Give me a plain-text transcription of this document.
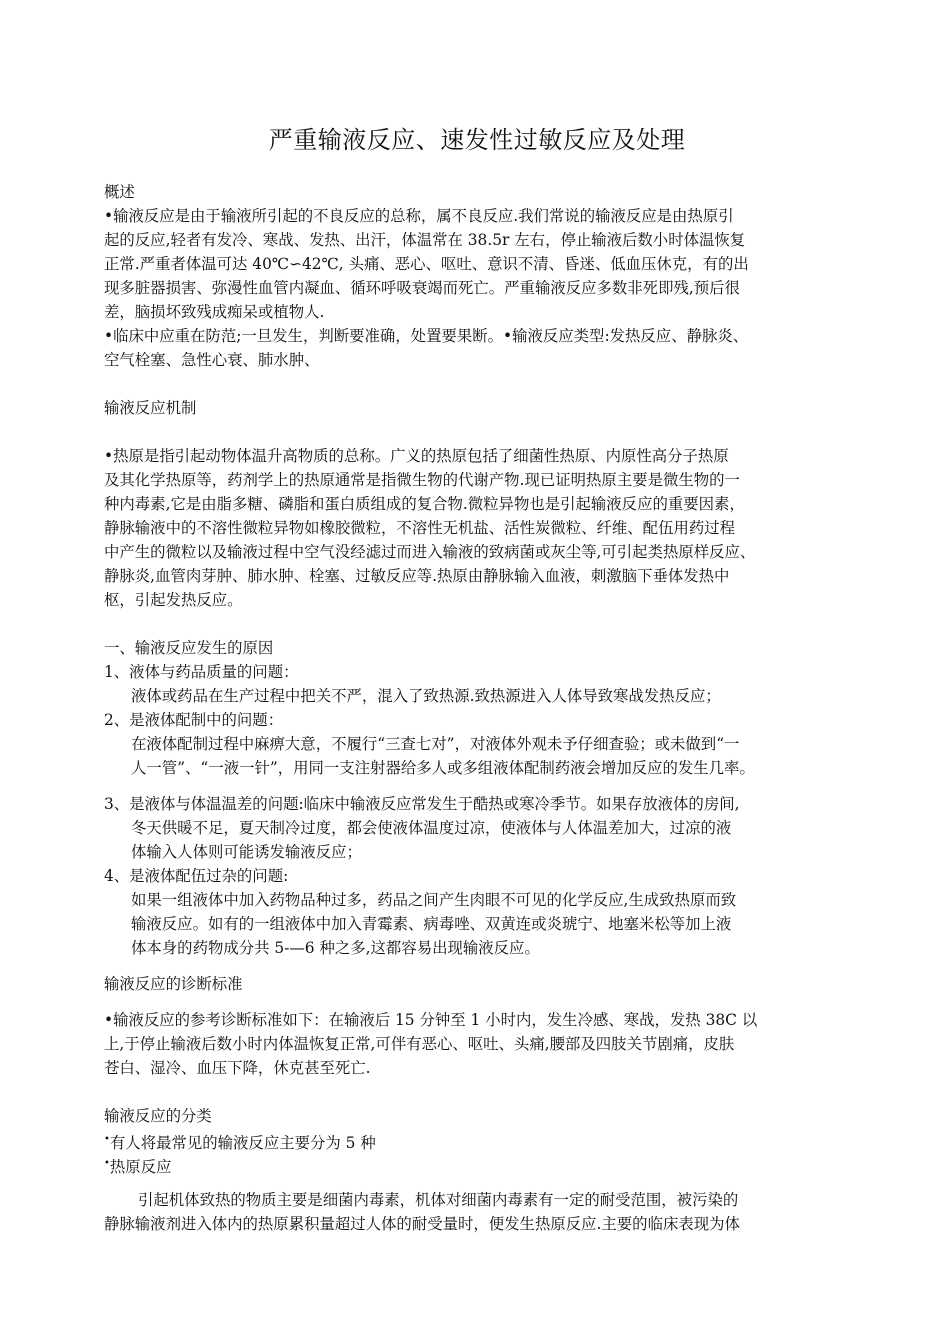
严重输液反应、速发性过敏反应及处理
概述
•输液反应是由于输液所引起的不良反应的总称，属不良反应.我们常说的输液反应是由热原引
起的反应,轻者有发冷、寒战、发热、出汗，体温常在 38.5r 左右，停止输液后数小时体温恢复
正常.严重者体温可达 40℃∽42℃, 头痛、恶心、呕吐、意识不清、昏迷、低血压休克，有的出
现多脏器损害、弥漫性血管内凝血、循环呼吸衰竭而死亡。严重输液反应多数非死即残,预后很
差，脑损坏致残成痴呆或植物人.
•临床中应重在防范;一旦发生，判断要准确，处置要果断。•输液反应类型:发热反应、静脉炎、
空气栓塞、急性心衰、肺水肿、
输液反应机制
•热原是指引起动物体温升高物质的总称。广义的热原包括了细菌性热原、内原性高分子热原
及其化学热原等，药剂学上的热原通常是指微生物的代谢产物.现已证明热原主要是微生物的一
种内毒素,它是由脂多糖、磷脂和蛋白质组成的复合物.微粒异物也是引起输液反应的重要因素，
静脉输液中的不溶性微粒异物如橡胶微粒，不溶性无机盐、活性炭微粒、纤维、配伍用药过程
中产生的微粒以及输液过程中空气没经滤过而进入输液的致病菌或灰尘等,可引起类热原样反应、
静脉炎,血管肉芽肿、肺水肿、栓塞、过敏反应等.热原由静脉输入血液，刺激脑下垂体发热中
枢，引起发热反应。
一、输液反应发生的原因
1、液体与药品质量的问题：
液体或药品在生产过程中把关不严，混入了致热源.致热源进入人体导致寒战发热反应；
2、是液体配制中的问题：
在液体配制过程中麻痹大意，不履行“三查七对”，对液体外观未予仔细查验；或未做到“一
人一管”、“一液一针”，用同一支注射器给多人或多组液体配制药液会增加反应的发生几率。
3、是液体与体温温差的问题:临床中输液反应常发生于酷热或寒冷季节。如果存放液体的房间,
冬天供暖不足，夏天制冷过度，都会使液体温度过凉，使液体与人体温差加大，过凉的液
体输入人体则可能诱发输液反应；
4、是液体配伍过杂的问题:
如果一组液体中加入药物品种过多，药品之间产生肉眼不可见的化学反应,生成致热原而致
输液反应。如有的一组液体中加入青霉素、病毒唑、双黄连或炎琥宁、地塞米松等加上液
体本身的药物成分共 5-—6 种之多,这都容易出现输液反应。
输液反应的诊断标准
•输液反应的参考诊断标准如下：在输液后 15 分钟至 1 小时内，发生冷感、寒战，发热 38C 以
上,于停止输液后数小时内体温恢复正常,可伴有恶心、呕吐、头痛,腰部及四肢关节剧痛，皮肤
苍白、湿冷、血压下降，休克甚至死亡.
输液反应的分类
•有人将最常见的输液反应主要分为 5 种
•热原反应
引起机体致热的物质主要是细菌内毒素，机体对细菌内毒素有一定的耐受范围，被污染的
静脉输液剂进入体内的热原累积量超过人体的耐受量时，便发生热原反应.主要的临床表现为体
